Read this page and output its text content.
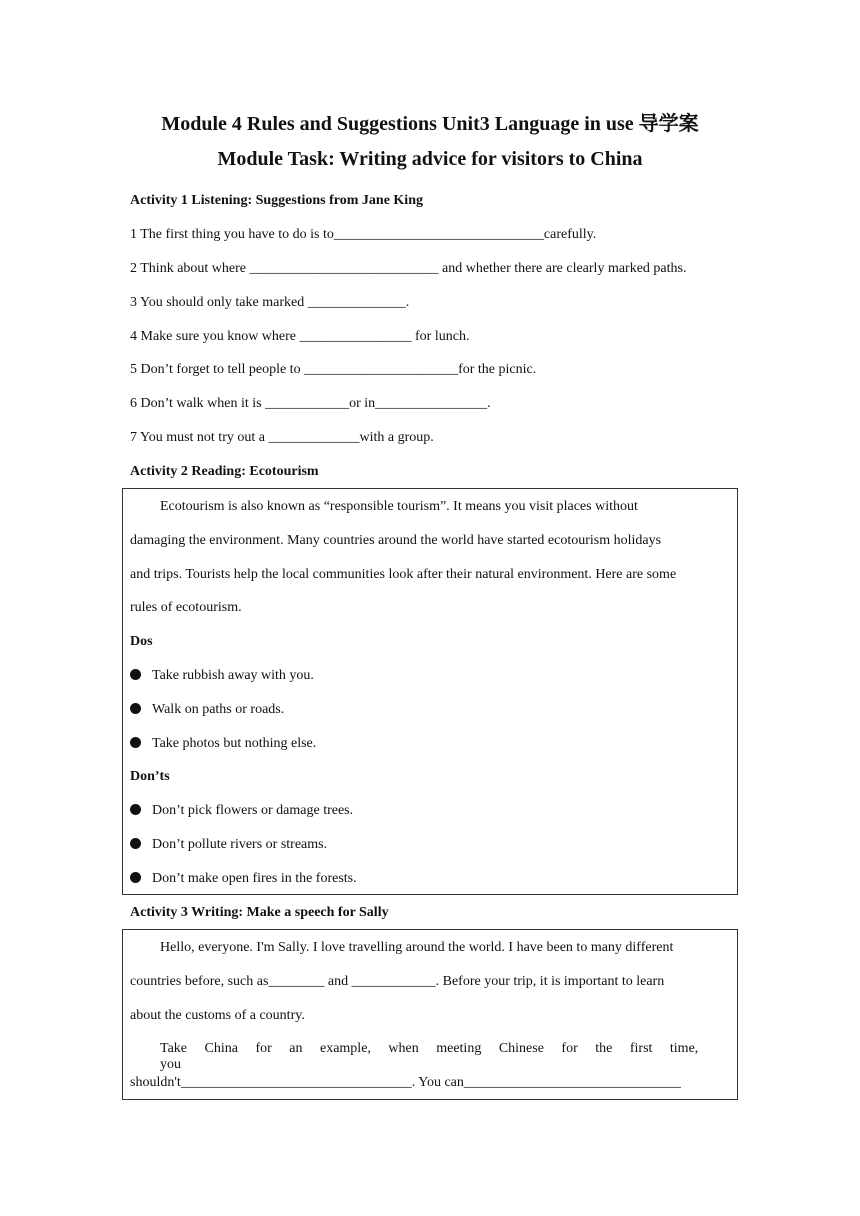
Module 4 Rules and Suggestions Unit3 Language in use 导学案
Module Task: Writing advice for visitors to China
Activity 1 Listening: Suggestions from Jane King
1 The first thing you have to do is to______________________________carefully.
2 Think about where ___________________________ and whether there are clearly marked paths.
3 You should only take marked ______________.
4 Make sure you know where ________________ for lunch.
5 Don’t forget to tell people to ______________________for the picnic.
6 Don’t walk when it is ____________or in________________.
7 You must not try out a _____________with a group.
Activity 2 Reading: Ecotourism
Ecotourism is also known as “responsible tourism”. It means you visit places without
damaging the environment. Many countries around the world have started ecotourism holidays
and trips. Tourists help the local communities look after their natural environment. Here are some
rules of ecotourism.
Dos
Take rubbish away with you.
Walk on paths or roads.
Take photos but nothing else.
Don’ts
Don’t pick flowers or damage trees.
Don’t pollute rivers or streams.
Don’t make open fires in the forests.
Activity 3 Writing: Make a speech for Sally
Hello, everyone. I'm Sally. I love travelling around the world. I have been to many different
countries before, such as________ and ____________. Before your trip, it is important to learn
about the customs of a country.
Take China for an example, when meeting Chinese for the first time, you
shouldn't_________________________________. You can_______________________________
